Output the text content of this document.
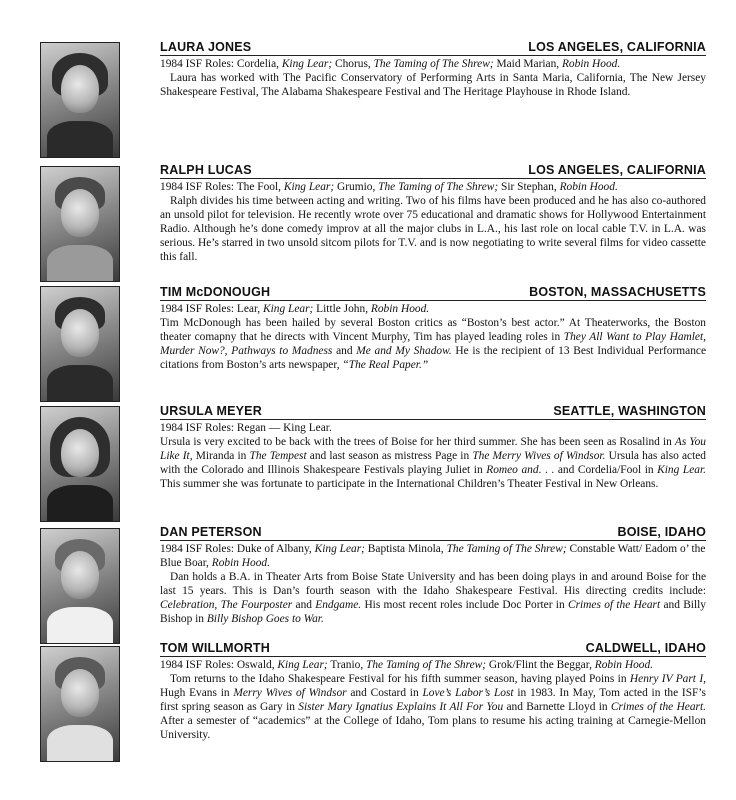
LAURA JONES	LOS ANGELES, CALIFORNIA
1984 ISF Roles: Cordelia, King Lear; Chorus, The Taming of The Shrew; Maid Marian, Robin Hood.

Laura has worked with The Pacific Conservatory of Performing Arts in Santa Maria, California, The New Jersey Shakespeare Festival, The Alabama Shakespeare Festival and The Heritage Playhouse in Rhode Island.

RALPH LUCAS	LOS ANGELES, CALIFORNIA
1984 ISF Roles: The Fool, King Lear; Grumio, The Taming of The Shrew; Sir Stephan, Robin Hood.

Ralph divides his time between acting and writing. Two of his films have been produced and he has also co-authored an unsold pilot for television. He recently wrote over 75 educational and dramatic shows for Hollywood Entertainment Radio. Although he’s done comedy improv at all the major clubs in L.A., his last role on local cable T.V. in L.A. was serious. He’s starred in two unsold sitcom pilots for T.V. and is now negotiating to write several films for video cassette this fall.

TIM McDONOUGH	BOSTON, MASSACHUSETTS
1984 ISF Roles: Lear, King Lear; Little John, Robin Hood.

Tim McDonough has been hailed by several Boston critics as “Boston’s best actor.” At Theaterworks, the Boston theater comapny that he directs with Vincent Murphy, Tim has played leading roles in They All Want to Play Hamlet, Murder Now?, Pathways to Madness and Me and My Shadow. He is the recipient of 13 Best Individual Performance citations from Boston’s arts newspaper, “The Real Paper.”

URSULA MEYER	SEATTLE, WASHINGTON
1984 ISF Roles: Regan — King Lear.

Ursula is very excited to be back with the trees of Boise for her third summer. She has been seen as Rosalind in As You Like It, Miranda in The Tempest and last season as mistress Page in The Merry Wives of Windsor. Ursula has also acted with the Colorado and Illinois Shakespeare Festivals playing Juliet in Romeo and. . . and Cordelia/Fool in King Lear. This summer she was fortunate to participate in the International Children’s Theater Festival in New Orleans.

DAN PETERSON	BOISE, IDAHO
1984 ISF Roles: Duke of Albany, King Lear; Baptista Minola, The Taming of The Shrew; Constable Watt/ Eadom o’ the Blue Boar, Robin Hood.

Dan holds a B.A. in Theater Arts from Boise State University and has been doing plays in and around Boise for the last 15 years. This is Dan’s fourth season with the Idaho Shakespeare Festival. His directing credits include: Celebration, The Fourposter and Endgame. His most recent roles include Doc Porter in Crimes of the Heart and Billy Bishop in Billy Bishop Goes to War.

TOM WILLMORTH	CALDWELL, IDAHO
1984 ISF Roles: Oswald, King Lear; Tranio, The Taming of The Shrew; Grok/Flint the Beggar, Robin Hood.

Tom returns to the Idaho Shakespeare Festival for his fifth summer season, having played Poins in Henry IV Part I, Hugh Evans in Merry Wives of Windsor and Costard in Love’s Labor’s Lost in 1983. In May, Tom acted in the ISF’s first spring season as Gary in Sister Mary Ignatius Explains It All For You and Barnette Lloyd in Crimes of the Heart. After a semester of “academics” at the College of Idaho, Tom plans to resume his acting training at Carnegie-Mellon University.
